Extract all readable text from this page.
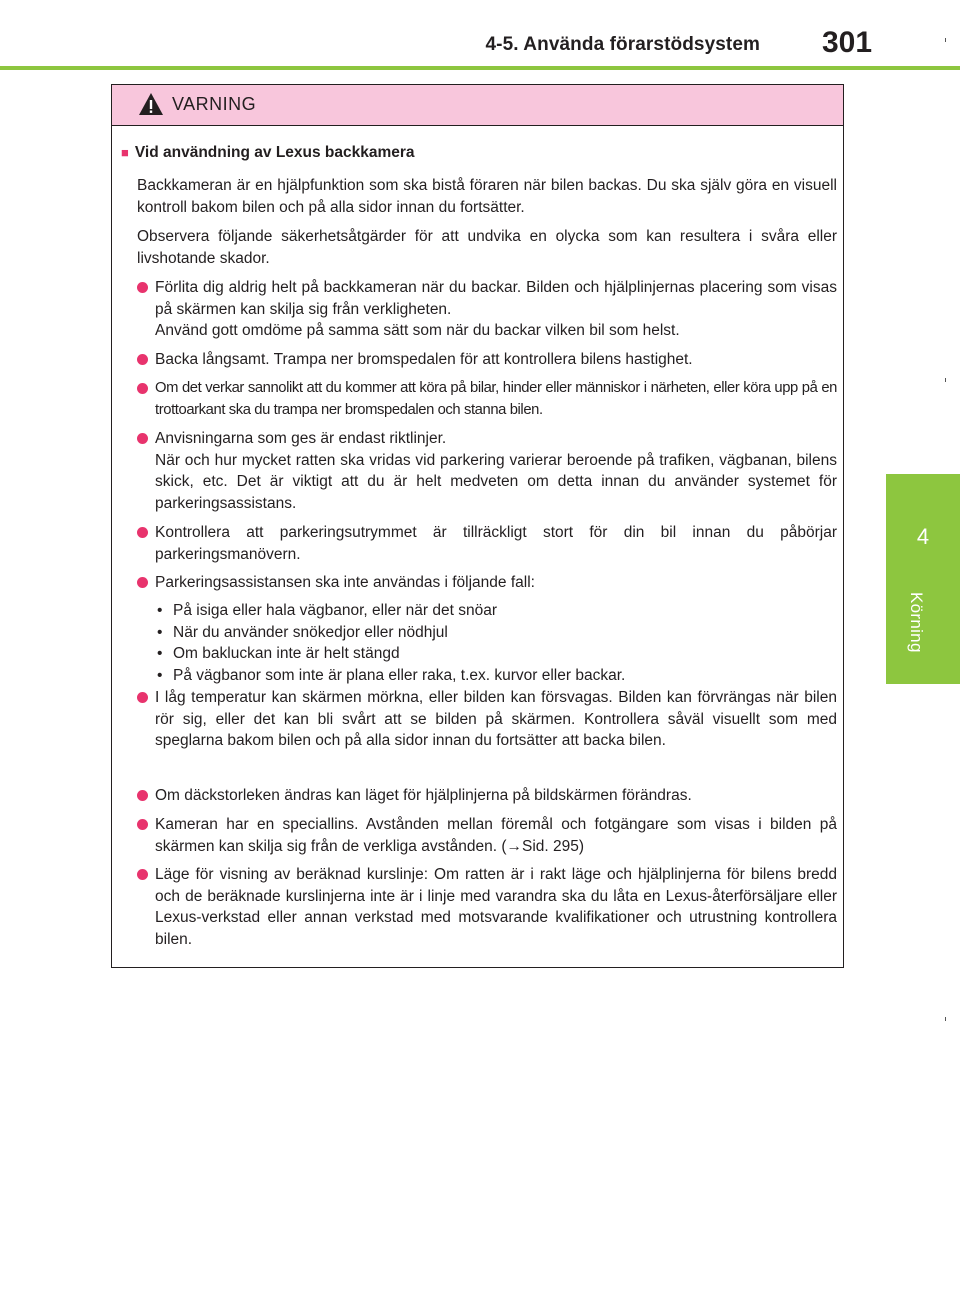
4-5. Använda förarstödsystem 301
4
Körning
VARNING
■ Vid användning av Lexus backkamera
Backkameran är en hjälpfunktion som ska bistå föraren när bilen backas. Du ska själv göra en visuell kontroll bakom bilen och på alla sidor innan du fortsätter.
Observera följande säkerhetsåtgärder för att undvika en olycka som kan resultera i svåra eller livshotande skador.
Förlita dig aldrig helt på backkameran när du backar. Bilden och hjälplinjernas placering som visas på skärmen kan skilja sig från verkligheten.
Använd gott omdöme på samma sätt som när du backar vilken bil som helst.
Backa långsamt. Trampa ner bromspedalen för att kontrollera bilens hastighet.
Om det verkar sannolikt att du kommer att köra på bilar, hinder eller människor i närheten, eller köra upp på en trottoarkant ska du trampa ner bromspedalen och stanna bilen.
Anvisningarna som ges är endast riktlinjer.
När och hur mycket ratten ska vridas vid parkering varierar beroende på trafiken, vägbanan, bilens skick, etc. Det är viktigt att du är helt medveten om detta innan du använder systemet för parkeringsassistans.
Kontrollera att parkeringsutrymmet är tillräckligt stort för din bil innan du påbörjar parkeringsmanövern.
Parkeringsassistansen ska inte användas i följande fall:
• På isiga eller hala vägbanor, eller när det snöar
• När du använder snökedjor eller nödhjul
• Om bakluckan inte är helt stängd
• På vägbanor som inte är plana eller raka, t.ex. kurvor eller backar.
I låg temperatur kan skärmen mörkna, eller bilden kan försvagas. Bilden kan förvrängas när bilen rör sig, eller det kan bli svårt att se bilden på skärmen. Kontrollera såväl visuellt som med speglarna bakom bilen och på alla sidor innan du fortsätter att backa bilen.
Om däckstorleken ändras kan läget för hjälplinjerna på bildskärmen förändras.
Kameran har en speciallins. Avstånden mellan föremål och fotgängare som visas i bilden på skärmen kan skilja sig från de verkliga avstånden. (→Sid. 295)
Läge för visning av beräknad kurslinje: Om ratten är i rakt läge och hjälplinjerna för bilens bredd och de beräknade kurslinjerna inte är i linje med varandra ska du låta en Lexus-återförsäljare eller Lexus-verkstad eller annan verkstad med motsvarande kvalifikationer och utrustning kontrollera bilen.
